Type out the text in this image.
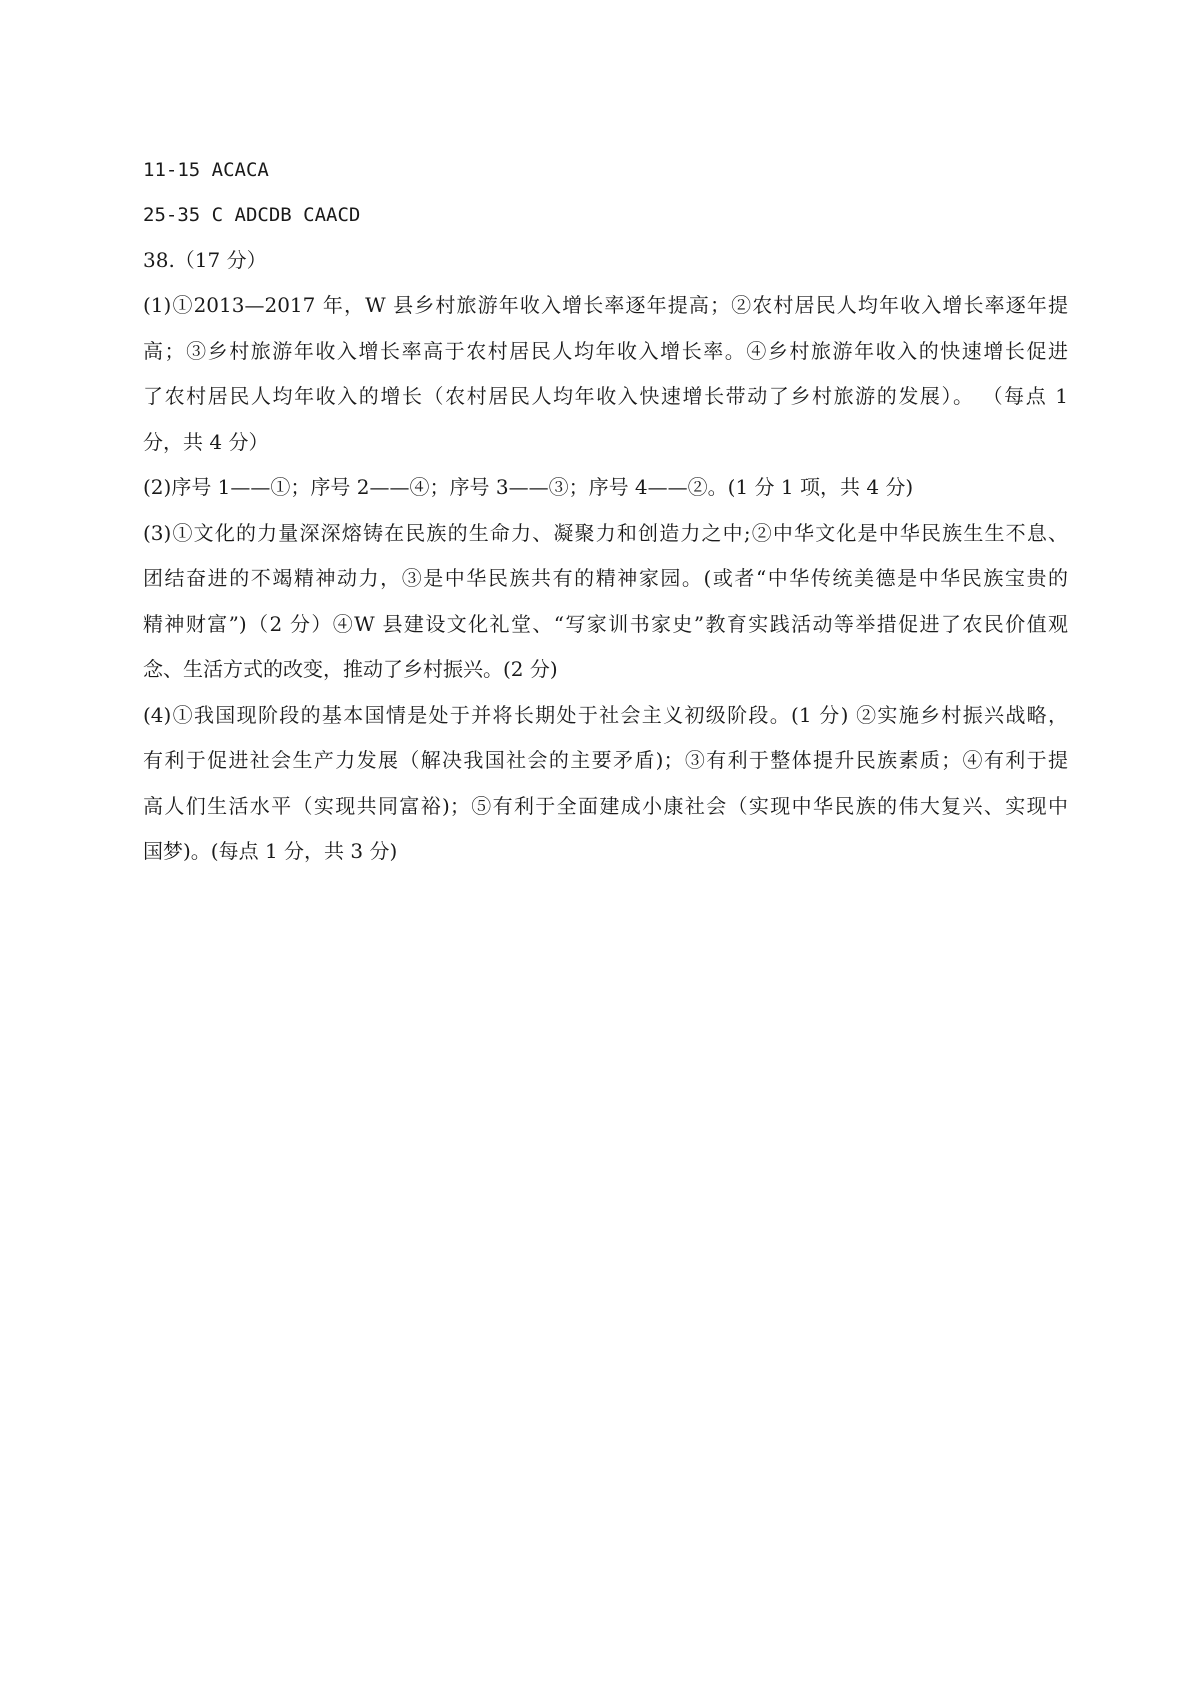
11-15 ACACA
25-35 C ADCDB CAACD
38.（17 分）
(1)①2013—2017 年，W 县乡村旅游年收入增长率逐年提高；②农村居民人均年收入增长率逐年提
高；③乡村旅游年收入增长率高于农村居民人均年收入增长率。④乡村旅游年收入的快速增长促进
了农村居民人均年收入的增长（农村居民人均年收入快速增长带动了乡村旅游的发展）。 （每点 1
分，共 4 分）
(2)序号 1——①；序号 2——④；序号 3——③；序号 4——②。(1 分 1 项，共 4 分)
(3)①文化的力量深深熔铸在民族的生命力、凝聚力和创造力之中;②中华文化是中华民族生生不息、
团结奋进的不竭精神动力，③是中华民族共有的精神家园。(或者“中华传统美德是中华民族宝贵的
精神财富”)（2 分）④W 县建设文化礼堂、“写家训书家史”教育实践活动等举措促进了农民价值观
念、生活方式的改变，推动了乡村振兴。(2 分)
(4)①我国现阶段的基本国情是处于并将长期处于社会主义初级阶段。(1 分) ②实施乡村振兴战略，
有利于促进社会生产力发展（解决我国社会的主要矛盾)；③有利于整体提升民族素质；④有利于提
高人们生活水平（实现共同富裕)；⑤有利于全面建成小康社会（实现中华民族的伟大复兴、实现中
国梦)。(每点 1 分，共 3 分)
